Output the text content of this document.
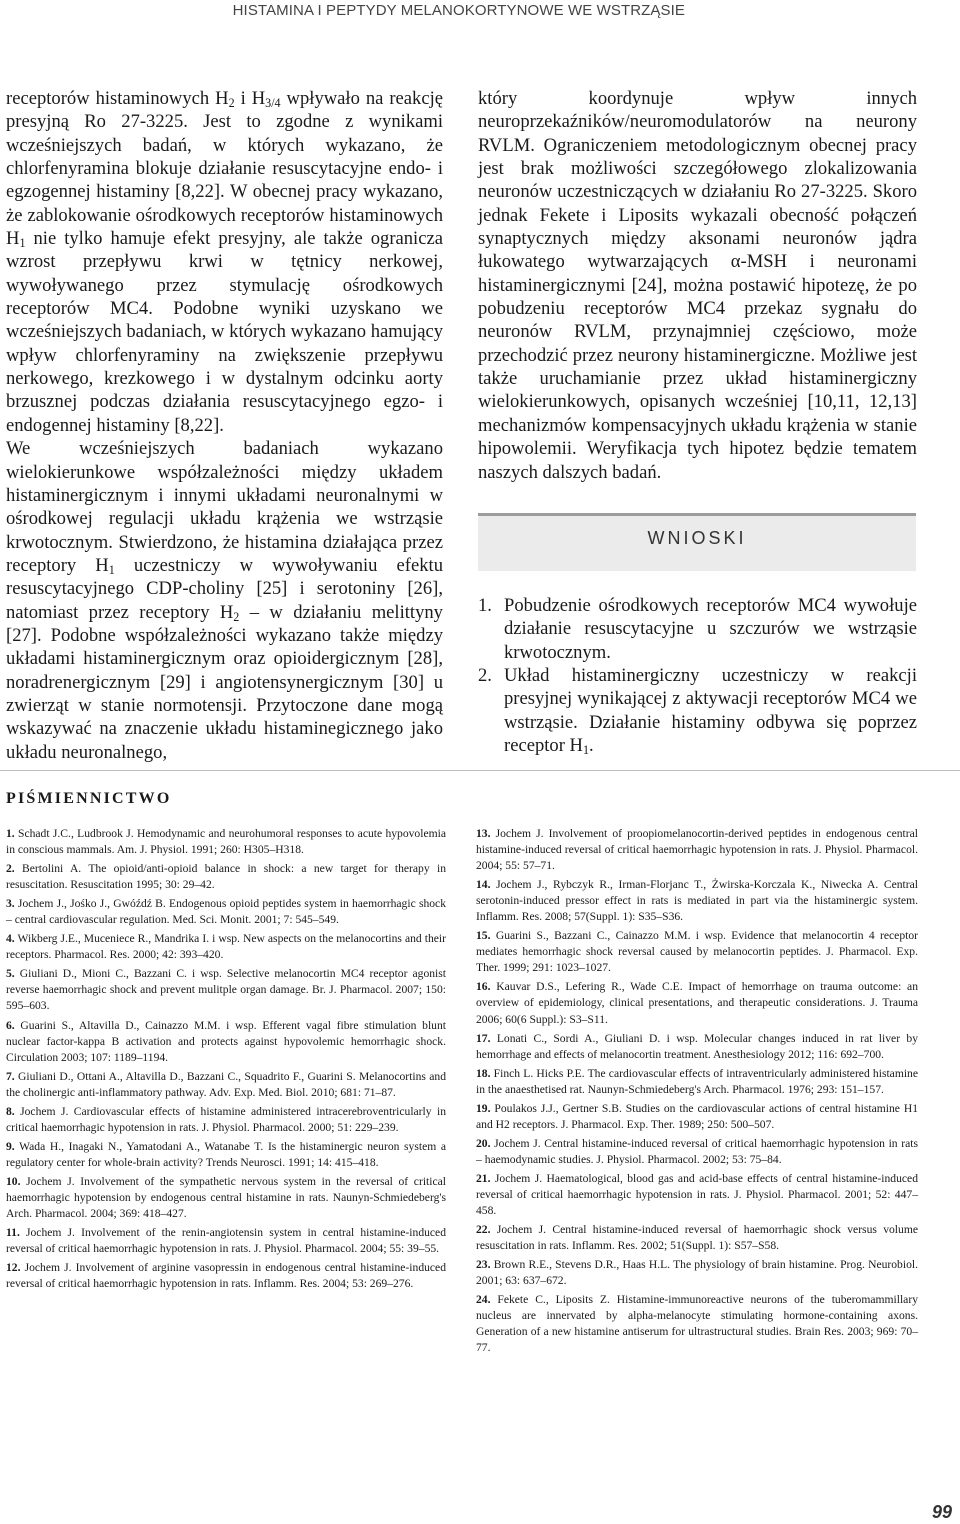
HISTAMINA I PEPTYDY MELANOKORTYNOWE WE WSTRZĄSIE

receptorów histaminowych $H_2$ i $H_{3/4}$ wpływało na reakcję presyjną Ro 27-3225. Jest to zgodne z wynikami wcześniejszych badań, w których wykazano, że chlorfenyramina blokuje działanie resuscytacyjne endo- i egzogennej histaminy [8,22]. W obecnej pracy wykazano, że zablokowanie ośrodkowych receptorów histaminowych $H_1$ nie tylko hamuje efekt presyjny, ale także ogranicza wzrost przepływu krwi w tętnicy nerkowej, wywoływanego przez stymulację ośrodkowych receptorów MC4. Podobne wyniki uzyskano we wcześniejszych badaniach, w których wykazano hamujący wpływ chlorfenyraminy na zwiększenie przepływu nerkowego, krezkowego i w dystalnym odcinku aorty brzusznej podczas działania resuscytacyjnego egzo- i endogennej histaminy [8,22].

We wcześniejszych badaniach wykazano wielokierunkowe współzależności między układem histaminergicznym i innymi układami neuronalnymi w ośrodkowej regulacji układu krążenia we wstrząsie krwotocznym. Stwierdzono, że histamina działająca przez receptory $H_1$ uczestniczy w wywoływaniu efektu resuscytacyjnego CDP-choliny [25] i serotoniny [26], natomiast przez receptory $H_2$ – w działaniu melittyny [27]. Podobne współzależności wykazano także między układami histaminergicznym oraz opioidergicznym [28], noradrenergicznym [29] i angiotensynergicznym [30] u zwierząt w stanie normotensji. Przytoczone dane mogą wskazywać na znaczenie układu histaminegicznego jako układu neuronalnego,

który koordynuje wpływ innych neuroprzekaźników/neuromodulatorów na neurony RVLM. Ograniczeniem metodologicznym obecnej pracy jest brak możliwości szczegółowego zlokalizowania neuronów uczestniczących w działaniu Ro 27-3225. Skoro jednak Fekete i Liposits wykazali obecność połączeń synaptycznych między aksonami neuronów jądra łukowatego wytwarzających α-MSH i neuronami histaminergicznymi [24], można postawić hipotezę, że po pobudzeniu receptorów MC4 przekaz sygnału do neuronów RVLM, przynajmniej częściowo, może przechodzić przez neurony histaminergiczne. Możliwe jest także uruchamianie przez układ histaminergiczny wielokierunkowych, opisanych wcześniej [10,11, 12,13] mechanizmów kompensacyjnych układu krążenia w stanie hipowolemii. Weryfikacja tych hipotez będzie tematem naszych dalszych badań.

WNIOSKI
1. Pobudzenie ośrodkowych receptorów MC4 wywołuje działanie resuscytacyjne u szczurów we wstrząsie krwotocznym.
2. Układ histaminergiczny uczestniczy w reakcji presyjnej wynikającej z aktywacji receptorów MC4 we wstrząsie. Działanie histaminy odbywa się poprzez receptor $H_1$.
PIŚMIENNICTWO

1. Schadt J.C., Ludbrook J. Hemodynamic and neurohumoral responses to acute hypovolemia in conscious mammals. Am. J. Physiol. 1991; 260: H305–H318.

2. Bertolini A. The opioid/anti-opioid balance in shock: a new target for therapy in resuscitation. Resuscitation 1995; 30: 29–42.

3. Jochem J., Jośko J., Gwóźdź B. Endogenous opioid peptides system in haemorrhagic shock – central cardiovascular regulation. Med. Sci. Monit. 2001; 7: 545–549.

4. Wikberg J.E., Muceniece R., Mandrika I. i wsp. New aspects on the melanocortins and their receptors. Pharmacol. Res. 2000; 42: 393–420.

5. Giuliani D., Mioni C., Bazzani C. i wsp. Selective melanocortin MC4 receptor agonist reverse haemorrhagic shock and prevent mulitple organ damage. Br. J. Pharmacol. 2007; 150: 595–603.

6. Guarini S., Altavilla D., Cainazzo M.M. i wsp. Efferent vagal fibre stimulation blunt nuclear factor-kappa B activation and protects against hypovolemic hemorrhagic shock. Circulation 2003; 107: 1189–1194.

7. Giuliani D., Ottani A., Altavilla D., Bazzani C., Squadrito F., Guarini S. Melanocortins and the cholinergic anti-inflammatory pathway. Adv. Exp. Med. Biol. 2010; 681: 71–87.

8. Jochem J. Cardiovascular effects of histamine administered intracerebroventricularly in critical haemorrhagic hypotension in rats. J. Physiol. Pharmacol. 2000; 51: 229–239.

9. Wada H., Inagaki N., Yamatodani A., Watanabe T. Is the histaminergic neuron system a regulatory center for whole-brain activity? Trends Neurosci. 1991; 14: 415–418.

10. Jochem J. Involvement of the sympathetic nervous system in the reversal of critical haemorrhagic hypotension by endogenous central histamine in rats. Naunyn-Schmiedeberg's Arch. Pharmacol. 2004; 369: 418–427.

11. Jochem J. Involvement of the renin-angiotensin system in central histamine-induced reversal of critical haemorrhagic hypotension in rats. J. Physiol. Pharmacol. 2004; 55: 39–55.

12. Jochem J. Involvement of arginine vasopressin in endogenous central histamine-induced reversal of critical haemorrhagic hypotension in rats. Inflamm. Res. 2004; 53: 269–276.

13. Jochem J. Involvement of proopiomelanocortin-derived peptides in endogenous central histamine-induced reversal of critical haemorrhagic hypotension in rats. J. Physiol. Pharmacol. 2004; 55: 57–71.

14. Jochem J., Rybczyk R., Irman-Florjanc T., Żwirska-Korczala K., Niwecka A. Central serotonin-induced pressor effect in rats is mediated in part via the histaminergic system. Inflamm. Res. 2008; 57(Suppl. 1): S35–S36.

15. Guarini S., Bazzani C., Cainazzo M.M. i wsp. Evidence that melanocortin 4 receptor mediates hemorrhagic shock reversal caused by melanocortin peptides. J. Pharmacol. Exp. Ther. 1999; 291: 1023–1027.

16. Kauvar D.S., Lefering R., Wade C.E. Impact of hemorrhage on trauma outcome: an overview of epidemiology, clinical presentations, and therapeutic considerations. J. Trauma 2006; 60(6 Suppl.): S3–S11.

17. Lonati C., Sordi A., Giuliani D. i wsp. Molecular changes induced in rat liver by hemorrhage and effects of melanocortin treatment. Anesthesiology 2012; 116: 692–700.

18. Finch L. Hicks P.E. The cardiovascular effects of intraventricularly administered histamine in the anaesthetised rat. Naunyn-Schmiedeberg's Arch. Pharmacol. 1976; 293: 151–157.

19. Poulakos J.J., Gertner S.B. Studies on the cardiovascular actions of central histamine H1 and H2 receptors. J. Pharmacol. Exp. Ther. 1989; 250: 500–507.

20. Jochem J. Central histamine-induced reversal of critical haemorrhagic hypotension in rats – haemodynamic studies. J. Physiol. Pharmacol. 2002; 53: 75–84.

21. Jochem J. Haematological, blood gas and acid-base effects of central histamine-induced reversal of critical haemorrhagic hypotension in rats. J. Physiol. Pharmacol. 2001; 52: 447–458.

22. Jochem J. Central histamine-induced reversal of haemorrhagic shock versus volume resuscitation in rats. Inflamm. Res. 2002; 51(Suppl. 1): S57–S58.

23. Brown R.E., Stevens D.R., Haas H.L. The physiology of brain histamine. Prog. Neurobiol. 2001; 63: 637–672.

24. Fekete C., Liposits Z. Histamine-immunoreactive neurons of the tuberomammillary nucleus are innervated by alpha-melanocyte stimulating hormone-containing axons. Generation of a new histamine antiserum for ultrastructural studies. Brain Res. 2003; 969: 70–77.

99
